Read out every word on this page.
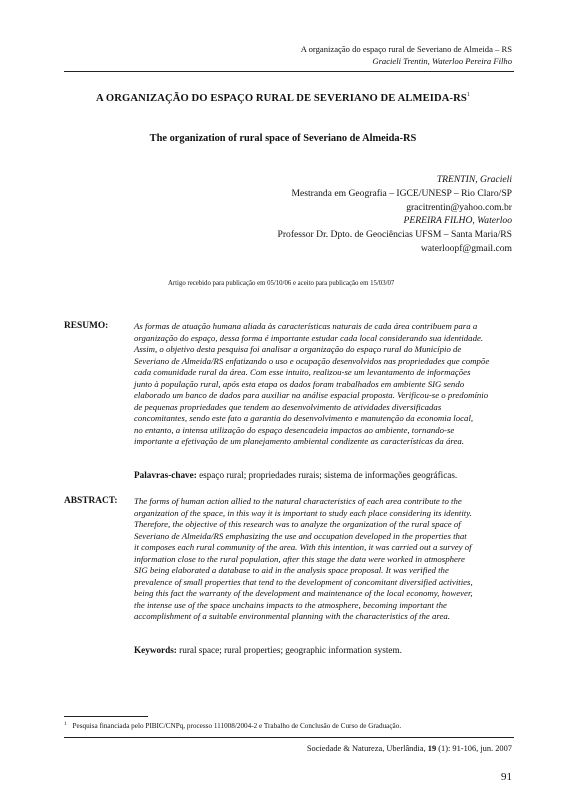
A organização do espaço rural de Severiano de Almeida – RS
Gracieli Trentin, Waterloo Pereira Filho
A ORGANIZAÇÃO DO ESPAÇO RURAL DE SEVERIANO DE ALMEIDA-$RS^1$
The organization of rural space of Severiano de Almeida-RS
TRENTIN, Gracieli
Mestranda em Geografia – IGCE/UNESP – Rio Claro/SP
gracitrentin@yahoo.com.br
PEREIRA FILHO, Waterloo
Professor Dr. Dpto. de Geociências UFSM – Santa Maria/RS
waterloopf@gmail.com
Artigo recebido para publicação em 05/10/06 e aceito para publicação em 15/03/07
RESUMO:	As formas de atuação humana aliada às características naturais de cada área contribuem para a
organização do espaço, dessa forma é importante estudar cada local considerando sua identidade.
Assim, o objetivo desta pesquisa foi analisar a organização do espaço rural do Município de
Severiano de Almeida/RS enfatizando o uso e ocupação desenvolvidos nas propriedades que compõe
cada comunidade rural da área. Com esse intuito, realizou-se um levantamento de informações
junto à população rural, após esta etapa os dados foram trabalhados em ambiente SIG sendo
elaborado um banco de dados para auxiliar na análise espacial proposta. Verificou-se o predomínio
de pequenas propriedades que tendem ao desenvolvimento de atividades diversificadas
concomitantes, sendo este fato a garantia do desenvolvimento e manutenção da economia local,
no entanto, a intensa utilização do espaço desencadeia impactos ao ambiente, tornando-se
importante a efetivação de um planejamento ambiental condizente as características da área.
Palavras-chave: espaço rural; propriedades rurais; sistema de informações geográficas.
ABSTRACT: The forms of human action allied to the natural characteristics of each area contribute to the
organization of the space, in this way it is important to study each place considering its identity.
Therefore, the objective of this research was to analyze the organization of the rural space of
Severiano de Almeida/RS emphasizing the use and occupation developed in the properties that
it composes each rural community of the area. With this intention, it was carried out a survey of
information close to the rural population, after this stage the data were worked in atmosphere
SIG being elaborated a database to aid in the analysis space proposal. It was verified the
prevalence of small properties that tend to the development of concomitant diversified activities,
being this fact the warranty of the development and maintenance of the local economy, however,
the intense use of the space unchains impacts to the atmosphere, becoming important the
accomplishment of a suitable environmental planning with the characteristics of the area.
Keywords: rural space; rural properties; geographic information system.
$^1$ Pesquisa financiada pelo PIBIC/CNPq, processo 111008/2004-2 e Trabalho de Conclusão de Curso de Graduação.
Sociedade & Natureza, Uberlândia, 19 (1): 91-106, jun. 2007
91
